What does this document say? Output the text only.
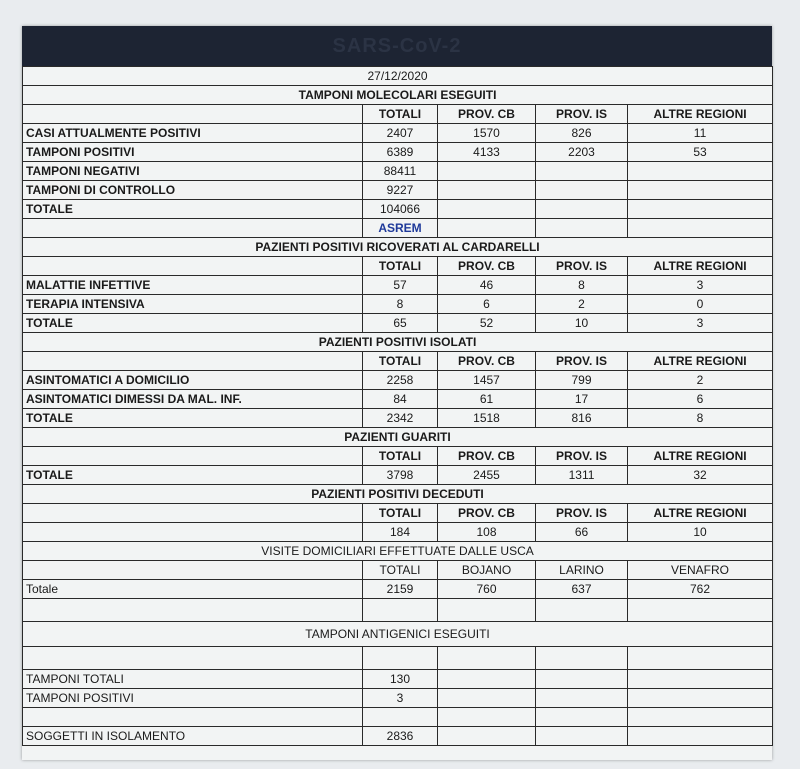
SARS-CoV-2
27/12/2020				
TAMPONI MOLECOLARI ESEGUITI				
	TOTALI	PROV. CB	PROV. IS	ALTRE REGIONI
CASI ATTUALMENTE POSITIVI	2407	1570	826	11
TAMPONI POSITIVI	6389	4133	2203	53
TAMPONI NEGATIVI	88411			
TAMPONI DI CONTROLLO	9227			
TOTALE	104066			
	ASREM			
PAZIENTI POSITIVI RICOVERATI AL CARDARELLI				
	TOTALI	PROV. CB	PROV. IS	ALTRE REGIONI
MALATTIE INFETTIVE	57	46	8	3
TERAPIA INTENSIVA	8	6	2	0
TOTALE	65	52	10	3
PAZIENTI POSITIVI ISOLATI				
	TOTALI	PROV. CB	PROV. IS	ALTRE REGIONI
ASINTOMATICI A DOMICILIO	2258	1457	799	2
ASINTOMATICI DIMESSI DA MAL. INF.	84	61	17	6
TOTALE	2342	1518	816	8
PAZIENTI GUARITI				
	TOTALI	PROV. CB	PROV. IS	ALTRE REGIONI
TOTALE	3798	2455	1311	32
PAZIENTI POSITIVI DECEDUTI				
	TOTALI	PROV. CB	PROV. IS	ALTRE REGIONI
	184	108	66	10
VISITE DOMICILIARI EFFETTUATE DALLE USCA				
	TOTALI	BOJANO	LARINO	VENAFRO
Totale	2159	760	637	762

TAMPONI ANTIGENICI ESEGUITI				

TAMPONI TOTALI	130			
TAMPONI POSITIVI	3			

SOGGETTI IN ISOLAMENTO	2836			
